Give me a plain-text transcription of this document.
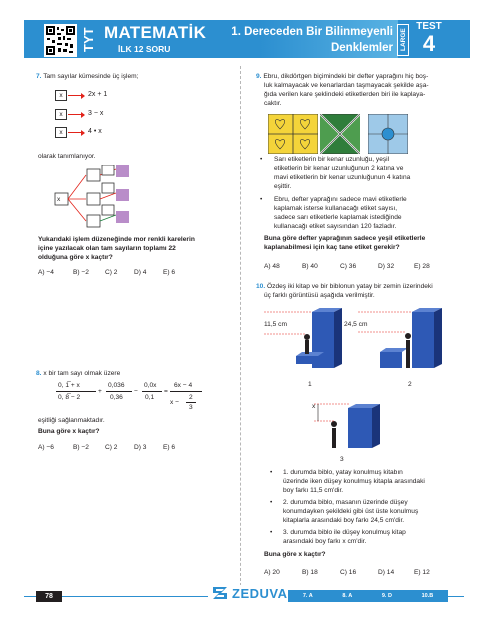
TYT MATEMATİK
İLK 12 SORU
1. Dereceden Bir Bilinmeyenli
Denklemler	LARGE
TEST
4
7. Tam sayılar kümesinde üç işlem;
x	2x + 1
x	3 − x
x	4 • x
olarak tanımlanıyor.
x
Yukarıdaki işlem düzeneğinde mor renkli karelerin
içine yazılacak olan tam sayıların toplamı 22
olduğuna göre x kaçtır?
A) −4	B) −2 C) 2	D) 4	E) 6
8. x bir tam sayı olmak üzere
0, 1̅ + x
0, 8̅ − 2
+
0,036
0,36
−
0,0x
0,1
=
6x − 4
x −
2
3
eşitliği sağlanmaktadır.
Buna göre x kaçtır?
A) −6	B) −2 C) 2	D) 3	E) 6
9. Ebru, dikdörtgen biçimindeki bir defter yaprağını hiç boş-
luk kalmayacak ve kenarlardan taşmayacak şekilde aşa-
ğıda verilen kare şeklindeki etiketlerden biri ile kaplaya-
caktır.
• Sarı etiketlerin bir kenar uzunluğu, yeşil
etiketlerin bir kenar uzunluğunun 2 katına ve
mavi etiketlerin bir kenar uzunluğunun 4 katına
eşittir.
• Ebru, defter yaprağını sadece mavi etiketlerle
kaplamak isterse kullanacağı etiket sayısı,
sadece sarı etiketlerle kaplamak istediğinde
kullanacağı etiket sayısından 120 fazladır.
Buna göre defter yaprağının sadece yeşil etiketlerle
kaplanabilmesi için kaç tane etiket gerekir?
A) 48	B) 40	C) 36	D) 32	E) 28
10. Özdeş iki kitap ve bir biblonun yatay bir zemin üzerindeki
üç farklı görüntüsü aşağıda verilmiştir.
11,5 cm	24,5 cm
1	2
x
3
• 1. durumda biblo, yatay konulmuş kitabın
üzerinde iken düşey konulmuş kitapla arasındaki
boy farkı 11,5 cm'dir.
• 2. durumda biblo, masanın üzerinde düşey
konumdayken şekildeki gibi üst üste konulmuş
kitaplarla arasındaki boy farkı 24,5 cm'dir.
• 3. durumda biblo ile düşey konulmuş kitap
arasındaki boy farkı x cm'dir.
Buna göre x kaçtır?
A) 20	B) 18	C) 16	D) 14	E) 12
78	ZEDUVA	7. A	8. A	9. D	10.B
